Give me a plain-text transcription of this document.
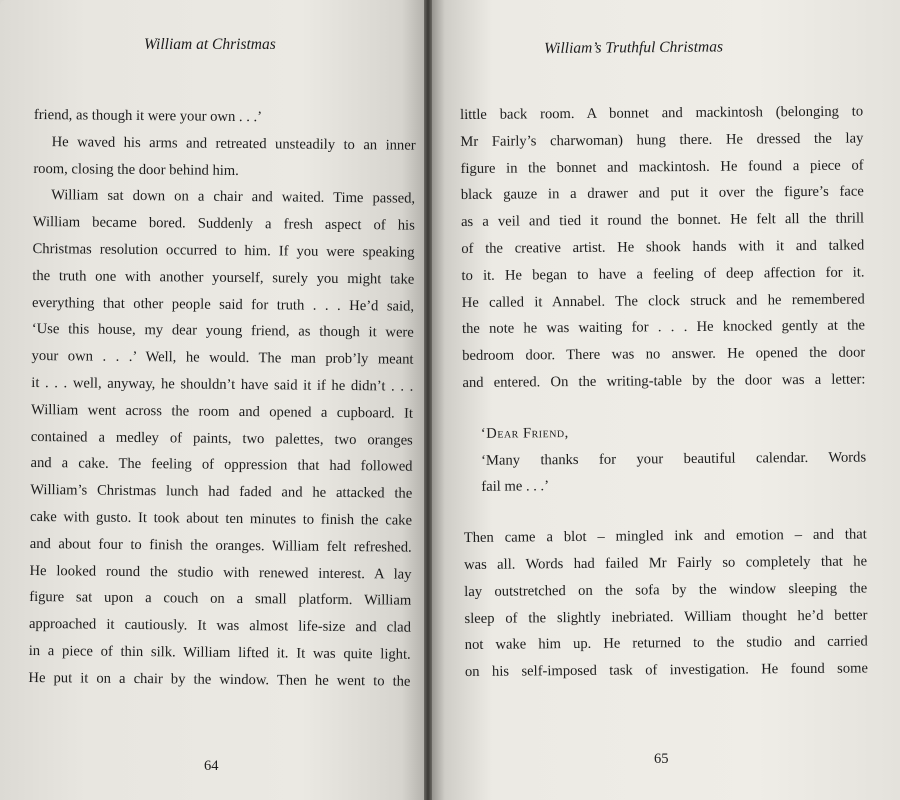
William at Christmas
friend, as though it were your own . . .’
He waved his arms and retreated unsteadily to an inner
room, closing the door behind him.
William sat down on a chair and waited. Time passed,
William became bored. Suddenly a fresh aspect of his
Christmas resolution occurred to him. If you were speaking
the truth one with another yourself, surely you might take
everything that other people said for truth . . . He’d said,
‘Use this house, my dear young friend, as though it were
your own . . .’ Well, he would. The man prob’ly meant
it . . . well, anyway, he shouldn’t have said it if he didn’t . . .
William went across the room and opened a cupboard. It
contained a medley of paints, two palettes, two oranges
and a cake. The feeling of oppression that had followed
William’s Christmas lunch had faded and he attacked the
cake with gusto. It took about ten minutes to finish the cake
and about four to finish the oranges. William felt refreshed.
He looked round the studio with renewed interest. A lay
figure sat upon a couch on a small platform. William
approached it cautiously. It was almost life-size and clad
in a piece of thin silk. William lifted it. It was quite light.
He put it on a chair by the window. Then he went to the
64
William’s Truthful Christmas
little back room. A bonnet and mackintosh (belonging to
Mr Fairly’s charwoman) hung there. He dressed the lay
figure in the bonnet and mackintosh. He found a piece of
black gauze in a drawer and put it over the figure’s face
as a veil and tied it round the bonnet. He felt all the thrill
of the creative artist. He shook hands with it and talked
to it. He began to have a feeling of deep affection for it.
He called it Annabel. The clock struck and he remembered
the note he was waiting for . . . He knocked gently at the
bedroom door. There was no answer. He opened the door
and entered. On the writing-table by the door was a letter:
‘Dear Friend,
‘Many thanks for your beautiful calendar. Words
fail me . . .’
Then came a blot – mingled ink and emotion – and that
was all. Words had failed Mr Fairly so completely that he
lay outstretched on the sofa by the window sleeping the
sleep of the slightly inebriated. William thought he’d better
not wake him up. He returned to the studio and carried
on his self-imposed task of investigation. He found some
65
